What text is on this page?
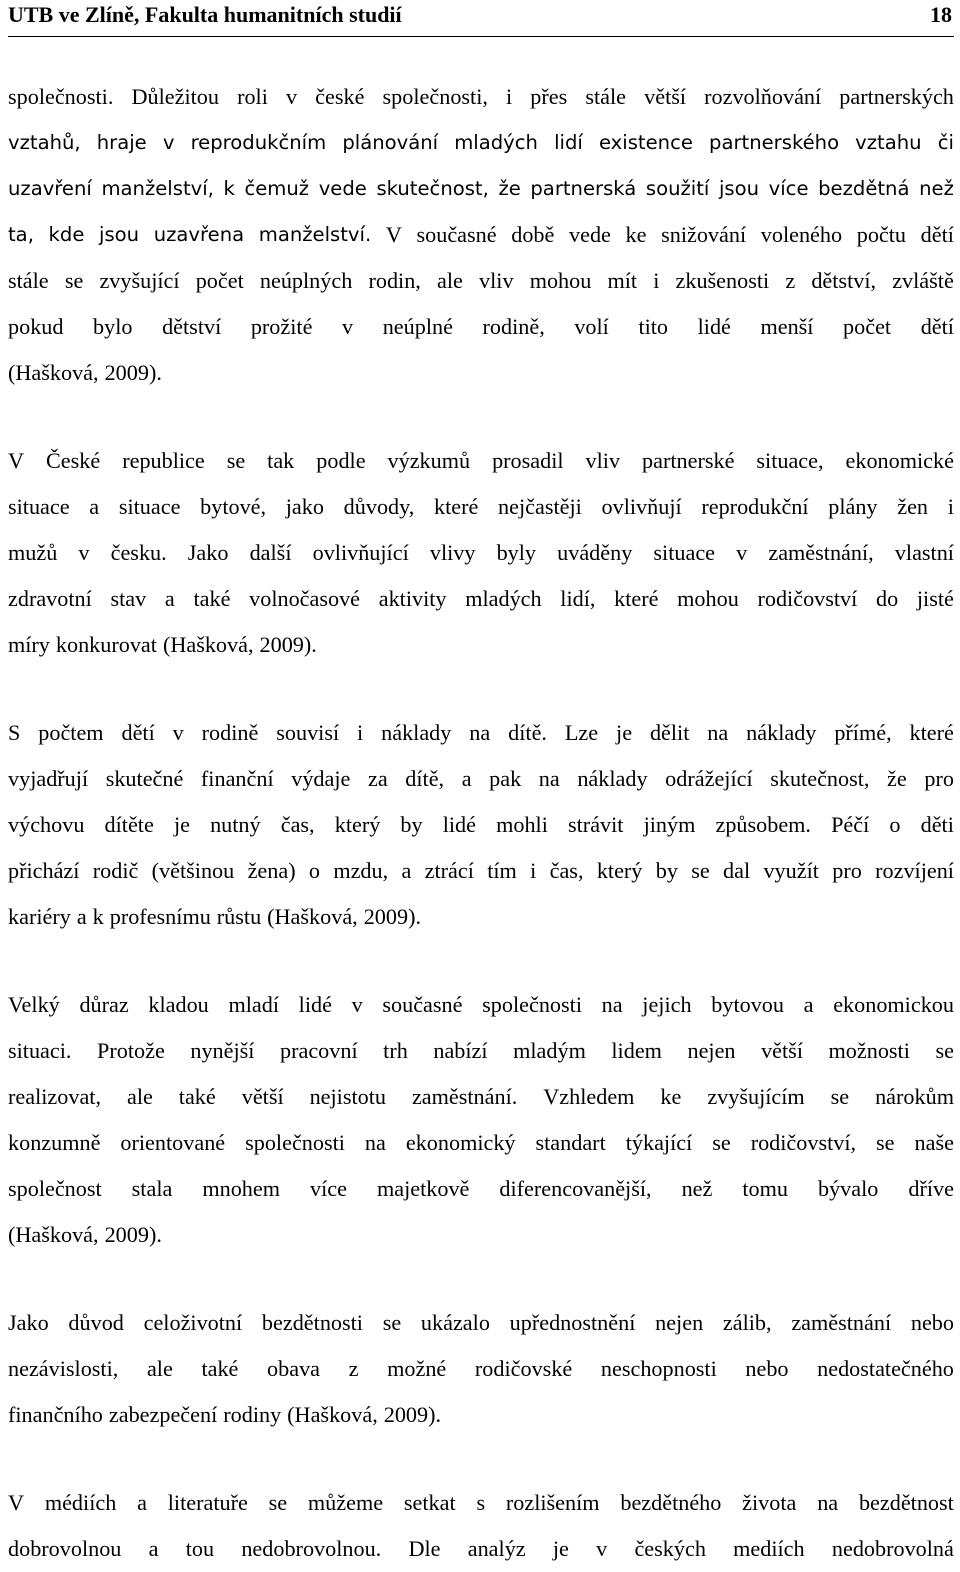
UTB ve Zlíně, Fakulta humanitních studií	18
společnosti. Důležitou roli v české společnosti, i přes stále větší rozvolňování partnerských
vztahů, hraje v reprodukčním plánování mladých lidí existence partnerského vztahu či
uzavření manželství, k čemuž vede skutečnost, že partnerská soužití jsou více bezdětná než
ta, kde jsou uzavřena manželství. V současné době vede ke snižování voleného počtu dětí
stále se zvyšující počet neúplných rodin, ale vliv mohou mít i zkušenosti z dětství, zvláště
pokud bylo dětství prožité v neúplné rodině, volí tito lidé menší počet dětí
(Hašková, 2009).
V České republice se tak podle výzkumů prosadil vliv partnerské situace, ekonomické
situace a situace bytové, jako důvody, které nejčastěji ovlivňují reprodukční plány žen i
mužů v česku. Jako další ovlivňující vlivy byly uváděny situace v zaměstnání, vlastní
zdravotní stav a také volnočasové aktivity mladých lidí, které mohou rodičovství do jisté
míry konkurovat (Hašková, 2009).
S počtem dětí v rodině souvisí i náklady na dítě. Lze je dělit na náklady přímé, které
vyjadřují skutečné finanční výdaje za dítě, a pak na náklady odrážející skutečnost, že pro
výchovu dítěte je nutný čas, který by lidé mohli strávit jiným způsobem. Péčí o děti
přichází rodič (většinou žena) o mzdu, a ztrácí tím i čas, který by se dal využít pro rozvíjení
kariéry a k profesnímu růstu (Hašková, 2009).
Velký důraz kladou mladí lidé v současné společnosti na jejich bytovou a ekonomickou
situaci. Protože nynější pracovní trh nabízí mladým lidem nejen větší možnosti se
realizovat, ale také větší nejistotu zaměstnání. Vzhledem ke zvyšujícím se nárokům
konzumně orientované společnosti na ekonomický standart týkající se rodičovství, se naše
společnost stala mnohem více majetkově diferencovanější, než tomu bývalo dříve
(Hašková, 2009).
Jako důvod celoživotní bezdětnosti se ukázalo upřednostnění nejen zálib, zaměstnání nebo
nezávislosti, ale také obava z možné rodičovské neschopnosti nebo nedostatečného
finančního zabezpečení rodiny (Hašková, 2009).
V médiích a literatuře se můžeme setkat s rozlišením bezdětného života na bezdětnost
dobrovolnou a tou nedobrovolnou. Dle analýz je v českých mediích nedobrovolná
